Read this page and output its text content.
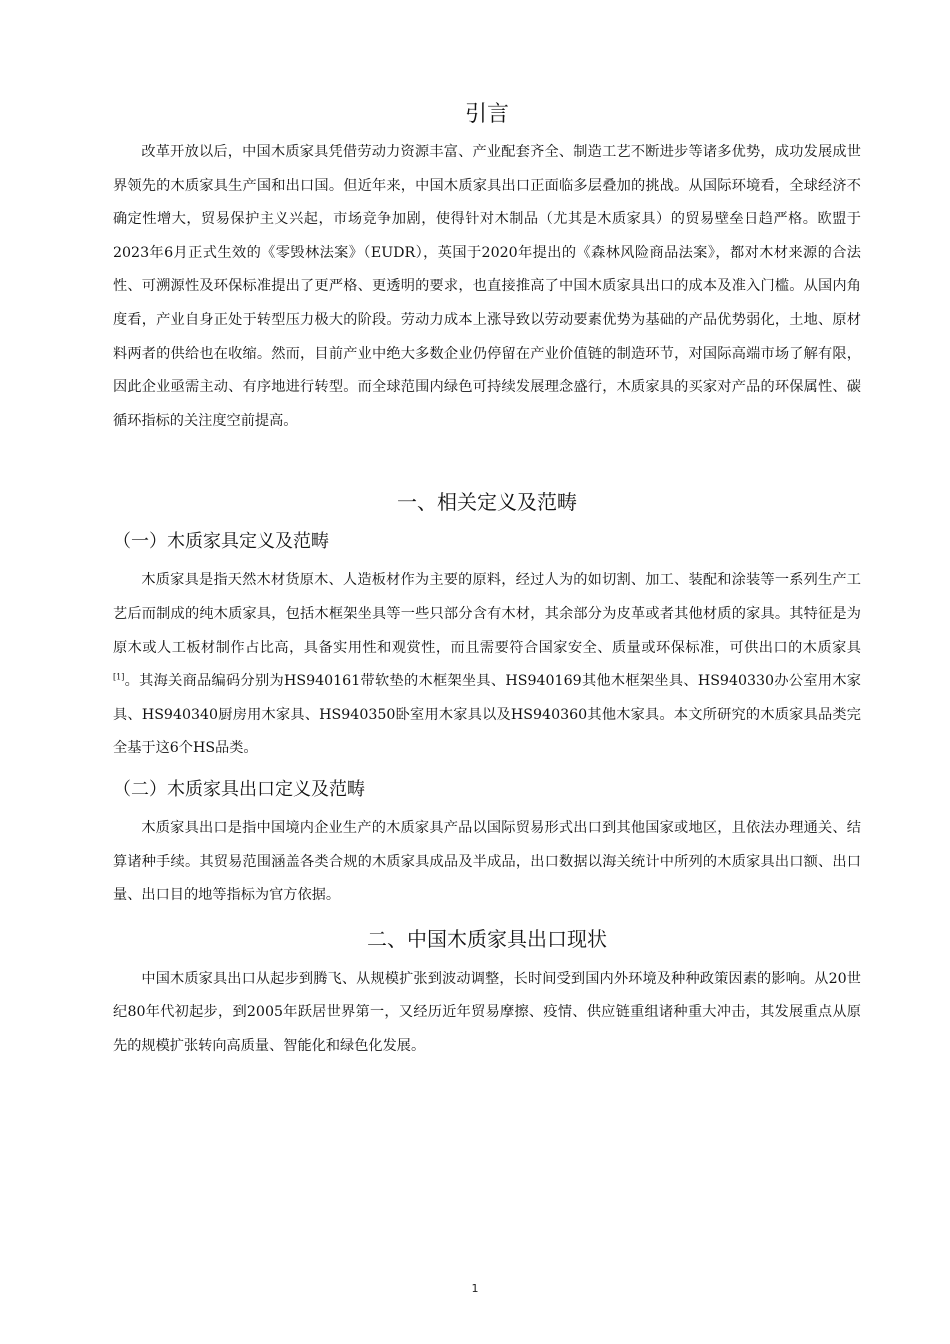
引言

改革开放以后，中国木质家具凭借劳动力资源丰富、产业配套齐全、制造工艺不断进步等诸多优势，成功发展成世界领先的木质家具生产国和出口国。但近年来，中国木质家具出口正面临多层叠加的挑战。从国际环境看，全球经济不确定性增大，贸易保护主义兴起，市场竞争加剧，使得针对木制品（尤其是木质家具）的贸易壁垒日趋严格。欧盟于2023年6月正式生效的《零毁林法案》（EUDR），英国于2020年提出的《森林风险商品法案》，都对木材来源的合法性、可溯源性及环保标准提出了更严格、更透明的要求，也直接推高了中国木质家具出口的成本及准入门槛。从国内角度看，产业自身正处于转型压力极大的阶段。劳动力成本上涨导致以劳动要素优势为基础的产品优势弱化，土地、原材料两者的供给也在收缩。然而，目前产业中绝大多数企业仍停留在产业价值链的制造环节，对国际高端市场了解有限，因此企业亟需主动、有序地进行转型。而全球范围内绿色可持续发展理念盛行，木质家具的买家对产品的环保属性、碳循环指标的关注度空前提高。

一、相关定义及范畴
（一）木质家具定义及范畴

木质家具是指天然木材货原木、人造板材作为主要的原料，经过人为的如切割、加工、装配和涂装等一系列生产工艺后而制成的纯木质家具，包括木框架坐具等一些只部分含有木材，其余部分为皮革或者其他材质的家具。其特征是为原木或人工板材制作占比高，具备实用性和观赏性，而且需要符合国家安全、质量或环保标准，可供出口的木质家具[1]。其海关商品编码分别为HS940161带软垫的木框架坐具、HS940169其他木框架坐具、HS940330办公室用木家具、HS940340厨房用木家具、HS940350卧室用木家具以及HS940360其他木家具。本文所研究的木质家具品类完全基于这6个HS品类。

（二）木质家具出口定义及范畴

木质家具出口是指中国境内企业生产的木质家具产品以国际贸易形式出口到其他国家或地区，且依法办理通关、结算诸种手续。其贸易范围涵盖各类合规的木质家具成品及半成品，出口数据以海关统计中所列的木质家具出口额、出口量、出口目的地等指标为官方依据。

二、中国木质家具出口现状

中国木质家具出口从起步到腾飞、从规模扩张到波动调整，长时间受到国内外环境及种种政策因素的影响。从20世纪80年代初起步，到2005年跃居世界第一，又经历近年贸易摩擦、疫情、供应链重组诸种重大冲击，其发展重点从原先的规模扩张转向高质量、智能化和绿色化发展。

1
